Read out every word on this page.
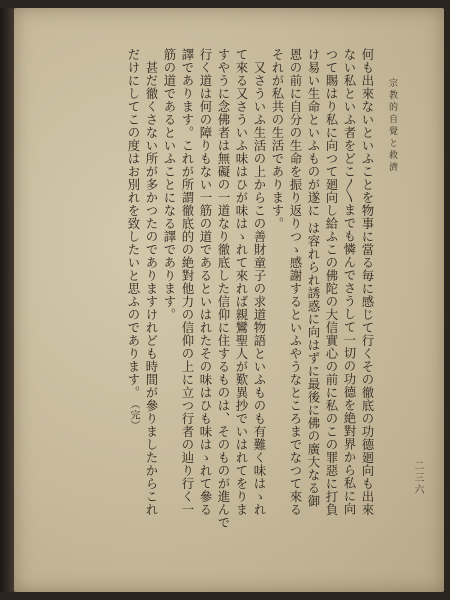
宗教的自覺と救濟
二三六
何も出來ないといふことを物事に當る毎に感じて行くその徹底の功德廻向も出來
ない私といふ者をどこ〳〵までも憐んでさうして一切の功德を絶對界から私に向
つて賜はり私に向つて廻向し給ふこの佛陀の大信實心の前に私のこの罪惡に打負
け易い生命といふものが遂に は容れられ誘惑に向はずに最後に佛の廣大なる御
恩の前に自分の生命を振り返りつゝ感謝するといふやうなところまでなつて來る
それが私共の生活であります。
　又さういふ生活の上からこの善財童子の求道物語といふものも有難く味はゝれ
て來る又さういふ味はひが味はゝれて來れば親鸞聖人が歎異抄でいはれてをりま
すやうに念佛者は無礙の一道なり徹底した信仰に住するものは、そのものが進んで
行く道は何の障りもない一筋の道であるといはれたその味はひも味はゝれて參る
譯であります。これが所謂徹底的の絶對他力の信仰の上に立つ行者の辿り行く一
筋の道であるといふことになる譯であります。
　甚だ徹くさない所が多かつたのでありますけれども時間が參りましたからこれ
だけにしてこの度はお別れを致したいと思ふのであります。（完）
